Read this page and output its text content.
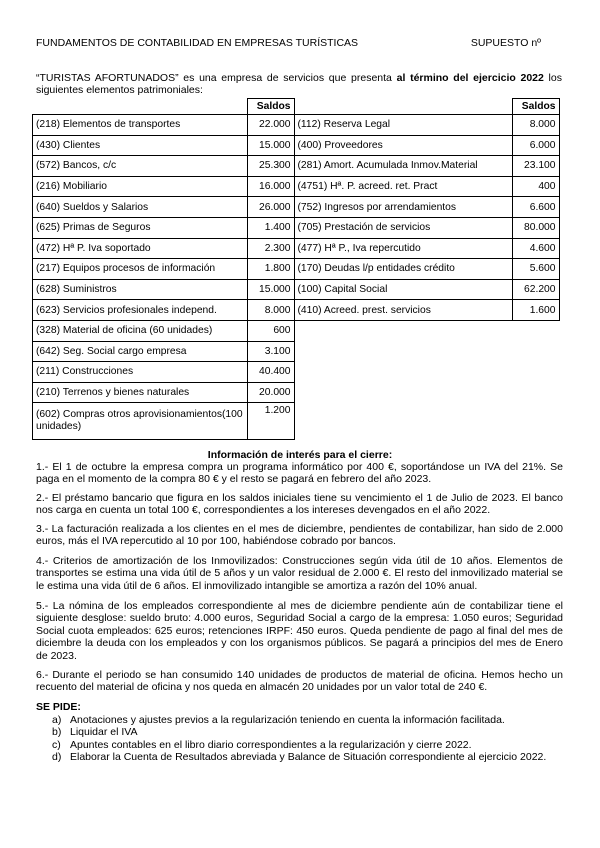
FUNDAMENTOS DE CONTABILIDAD EN EMPRESAS TURÍSTICAS	SUPUESTO nº
“TURISTAS AFORTUNADOS” es una empresa de servicios que presenta al término del ejercicio 2022 los siguientes elementos patrimoniales:
	Saldos		Saldos
(218) Elementos de transportes	22.000	(112) Reserva Legal	8.000
(430) Clientes	15.000	(400) Proveedores	6.000
(572) Bancos, c/c	25.300	(281) Amort. Acumulada Inmov.Material	23.100
(216) Mobiliario	16.000	(4751) Hª. P. acreed. ret. Pract	400
(640) Sueldos y Salarios	26.000	(752) Ingresos por arrendamientos	6.600
(625) Primas de Seguros	1.400	(705) Prestación de servicios	80.000
(472) Hª P. Iva soportado	2.300	(477) Hª P., Iva repercutido	4.600
(217) Equipos procesos de información	1.800	(170) Deudas l/p entidades crédito	5.600
(628) Suministros	15.000	(100) Capital Social	62.200
(623) Servicios profesionales independ.	8.000	(410) Acreed. prest. servicios	1.600
(328) Material de oficina (60 unidades)	600		
(642) Seg. Social cargo empresa	3.100		
(211) Construcciones	40.400		
(210) Terrenos y bienes naturales	20.000		
(602) Compras otros aprovisionamientos(100 unidades)	1.200		
Información de interés para el cierre:

1.- El 1 de octubre la empresa compra un programa informático por 400 €, soportándose un IVA del 21%. Se paga en el momento de la compra 80 € y el resto se pagará en febrero del año 2023.

2.- El préstamo bancario que figura en los saldos iniciales tiene su vencimiento el 1 de Julio de 2023. El banco nos carga en cuenta un total 100 €, correspondientes a los intereses devengados en el año 2022.

3.- La facturación realizada a los clientes en el mes de diciembre, pendientes de contabilizar, han sido de 2.000 euros, más el IVA repercutido al 10 por 100, habiéndose cobrado por bancos.

4.- Criterios de amortización de los Inmovilizados: Construcciones según vida útil de 10 años. Elementos de transportes se estima una vida útil de 5 años y un valor residual de 2.000 €. El resto del inmovilizado material se le estima una vida útil de 6 años. El inmovilizado intangible se amortiza a razón del 10% anual.

5.- La nómina de los empleados correspondiente al mes de diciembre pendiente aún de contabilizar tiene el siguiente desglose: sueldo bruto: 4.000 euros, Seguridad Social a cargo de la empresa: 1.050 euros; Seguridad Social cuota empleados: 625 euros; retenciones IRPF: 450 euros. Queda pendiente de pago al final del mes de diciembre la deuda con los empleados y con los organismos públicos. Se pagará a principios del mes de Enero de 2023.

6.- Durante el periodo se han consumido 140 unidades de productos de material de oficina. Hemos hecho un recuento del material de oficina y nos queda en almacén 20 unidades por un valor total de 240 €.

SE PIDE:
a) Anotaciones y ajustes previos a la regularización teniendo en cuenta la información facilitada.
b) Liquidar el IVA
c) Apuntes contables en el libro diario correspondientes a la regularización y cierre 2022.
d) Elaborar la Cuenta de Resultados abreviada y Balance de Situación correspondiente al ejercicio 2022.
